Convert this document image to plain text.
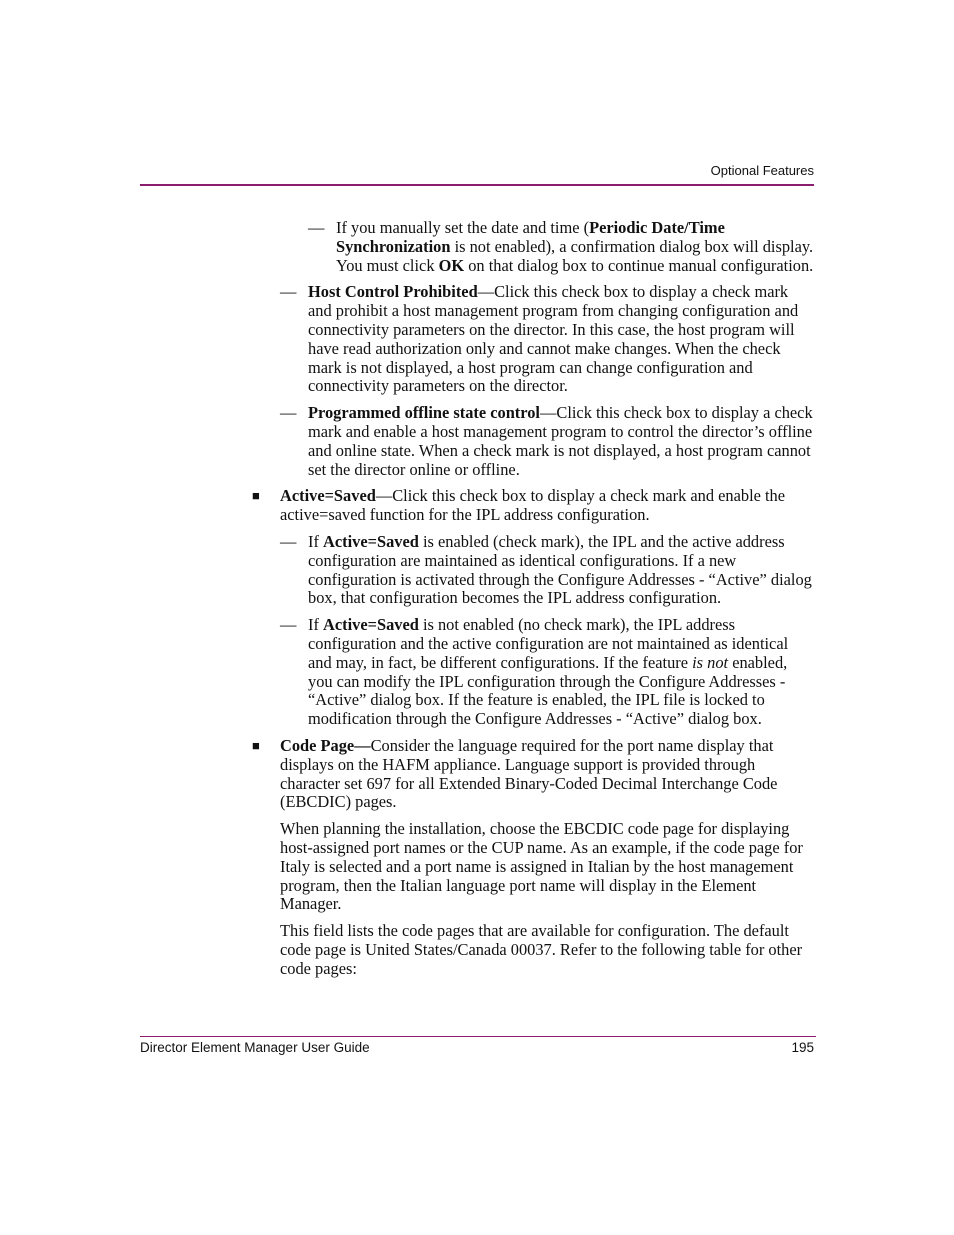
Optional Features
— If you manually set the date and time (Periodic Date/Time Synchronization is not enabled), a confirmation dialog box will display. You must click OK on that dialog box to continue manual configuration.
— Host Control Prohibited—Click this check box to display a check mark and prohibit a host management program from changing configuration and connectivity parameters on the director. In this case, the host program will have read authorization only and cannot make changes. When the check mark is not displayed, a host program can change configuration and connectivity parameters on the director.
— Programmed offline state control—Click this check box to display a check mark and enable a host management program to control the director’s offline and online state. When a check mark is not displayed, a host program cannot set the director online or offline.
■ Active=Saved—Click this check box to display a check mark and enable the active=saved function for the IPL address configuration.
— If Active=Saved is enabled (check mark), the IPL and the active address configuration are maintained as identical configurations. If a new configuration is activated through the Configure Addresses - “Active” dialog box, that configuration becomes the IPL address configuration.
— If Active=Saved is not enabled (no check mark), the IPL address configuration and the active configuration are not maintained as identical and may, in fact, be different configurations. If the feature is not enabled, you can modify the IPL configuration through the Configure Addresses - “Active” dialog box. If the feature is enabled, the IPL file is locked to modification through the Configure Addresses - “Active” dialog box.
■ Code Page—Consider the language required for the port name display that displays on the HAFM appliance. Language support is provided through character set 697 for all Extended Binary-Coded Decimal Interchange Code (EBCDIC) pages.
When planning the installation, choose the EBCDIC code page for displaying host-assigned port names or the CUP name. As an example, if the code page for Italy is selected and a port name is assigned in Italian by the host management program, then the Italian language port name will display in the Element Manager.
This field lists the code pages that are available for configuration. The default code page is United States/Canada 00037. Refer to the following table for other code pages:
Director Element Manager User Guide	195
